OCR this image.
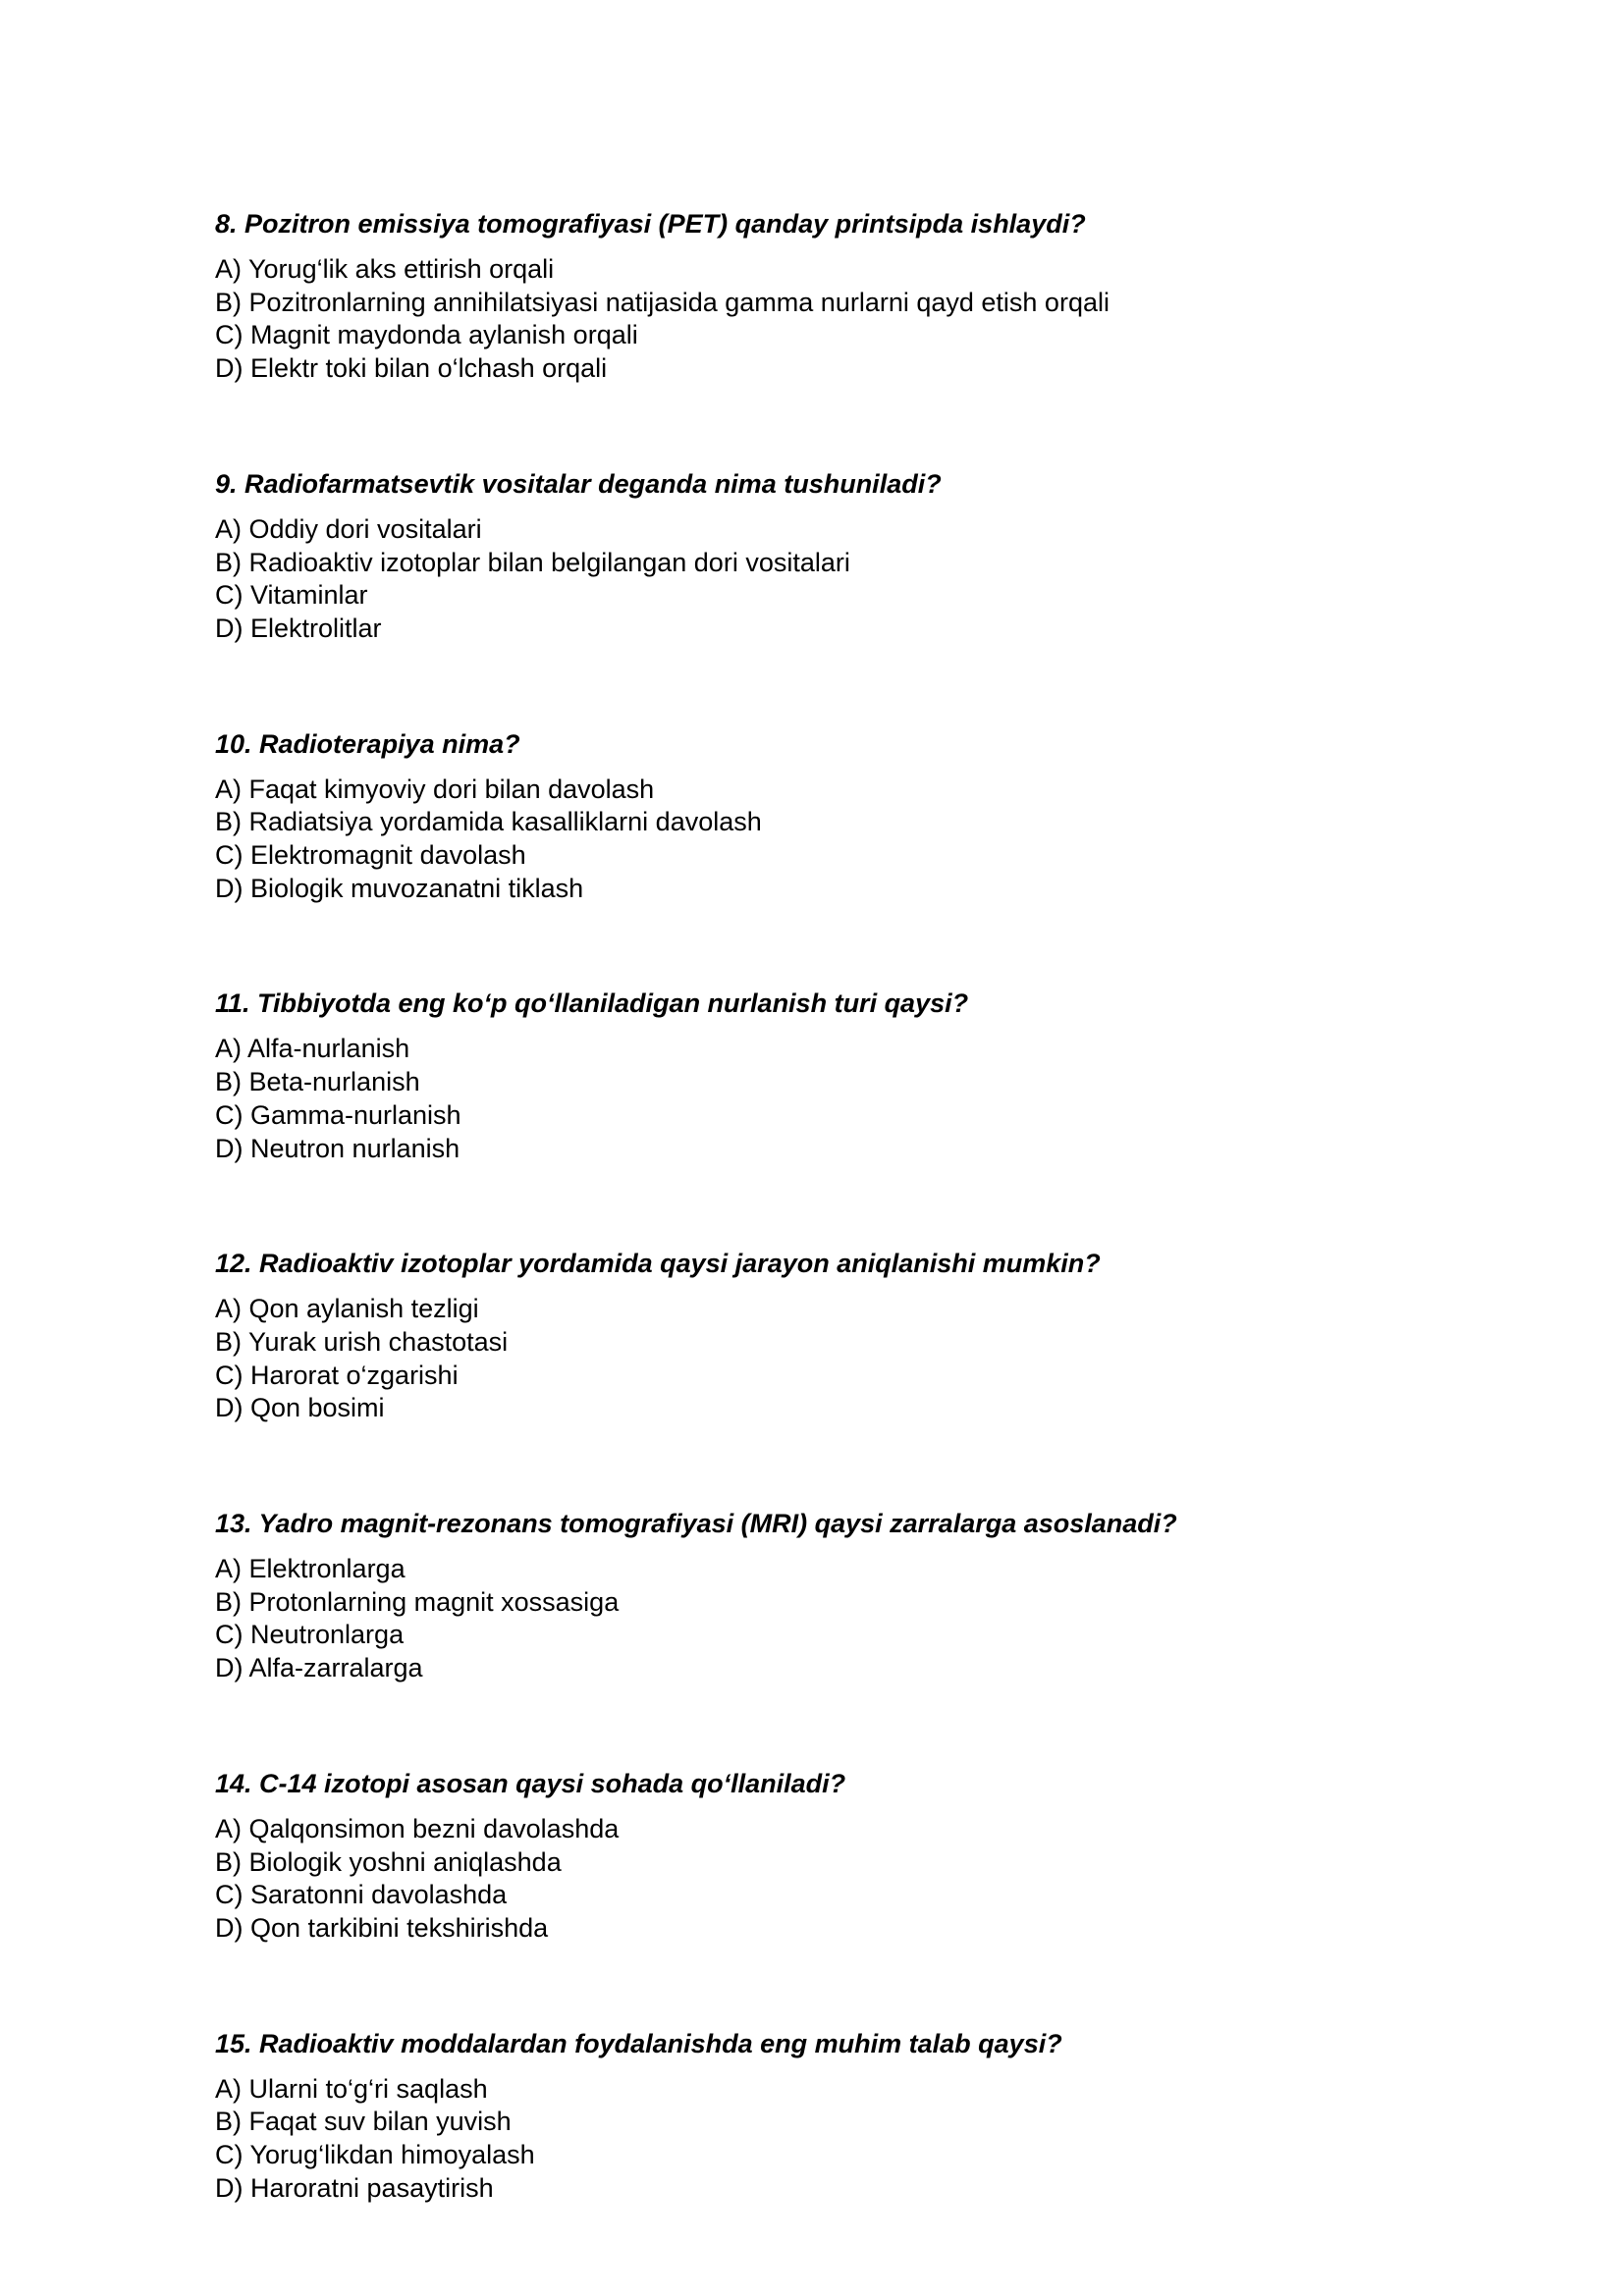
8. Pozitron emissiya tomografiyasi (PET) qanday printsipda ishlaydi?
A) Yorug‘lik aks ettirish orqali
B) Pozitronlarning annihilatsiyasi natijasida gamma nurlarni qayd etish orqali
C) Magnit maydonda aylanish orqali
D) Elektr toki bilan o‘lchash orqali
9. Radiofarmatsevtik vositalar deganda nima tushuniladi?
A) Oddiy dori vositalari
B) Radioaktiv izotoplar bilan belgilangan dori vositalari
C) Vitaminlar
D) Elektrolitlar
10. Radioterapiya nima?
A) Faqat kimyoviy dori bilan davolash
B) Radiatsiya yordamida kasalliklarni davolash
C) Elektromagnit davolash
D) Biologik muvozanatni tiklash
11. Tibbiyotda eng ko‘p qo‘llaniladigan nurlanish turi qaysi?
A) Alfa-nurlanish
B) Beta-nurlanish
C) Gamma-nurlanish
D) Neutron nurlanish
12. Radioaktiv izotoplar yordamida qaysi jarayon aniqlanishi mumkin?
A) Qon aylanish tezligi
B) Yurak urish chastotasi
C) Harorat o‘zgarishi
D) Qon bosimi
13. Yadro magnit-rezonans tomografiyasi (MRI) qaysi zarralarga asoslanadi?
A) Elektronlarga
B) Protonlarning magnit xossasiga
C) Neutronlarga
D) Alfa-zarralarga
14. C-14 izotopi asosan qaysi sohada qo‘llaniladi?
A) Qalqonsimon bezni davolashda
B) Biologik yoshni aniqlashda
C) Saratonni davolashda
D) Qon tarkibini tekshirishda
15. Radioaktiv moddalardan foydalanishda eng muhim talab qaysi?
A) Ularni to‘g‘ri saqlash
B) Faqat suv bilan yuvish
C) Yorug‘likdan himoyalash
D) Haroratni pasaytirish
